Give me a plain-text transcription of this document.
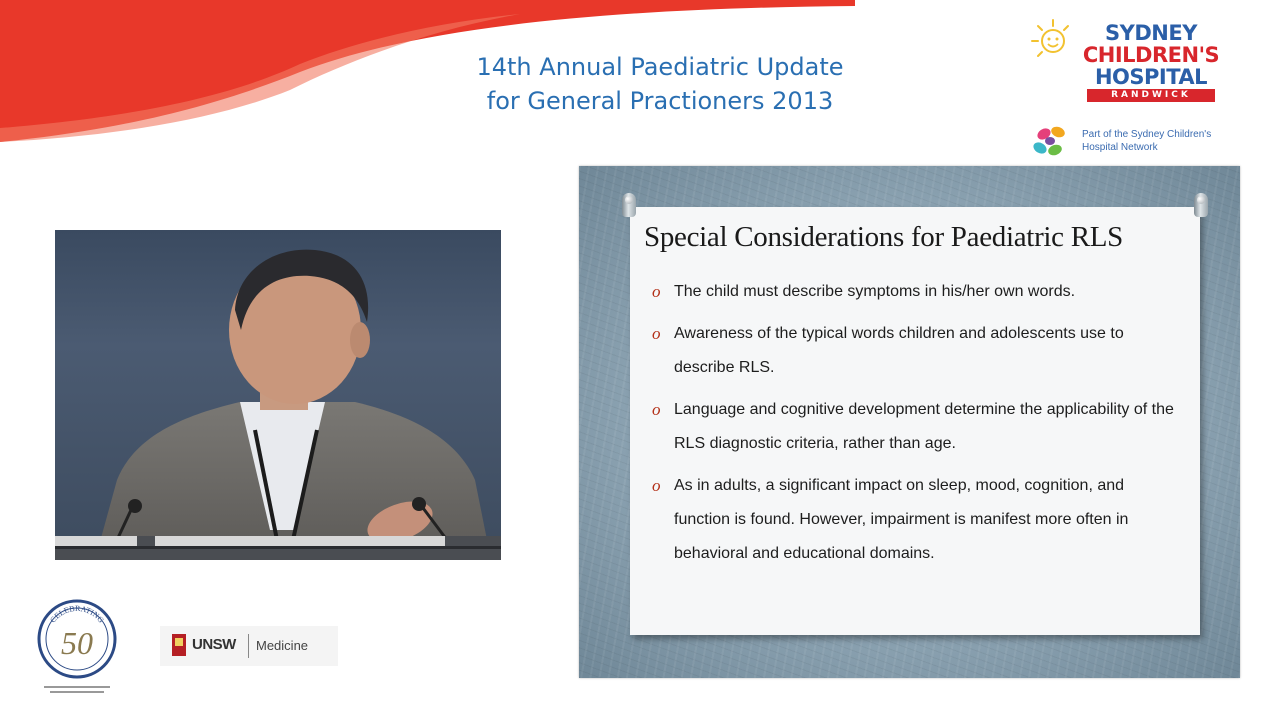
14th Annual Paediatric Update
for General Practioners 2013
SYDNEY
CHILDREN'S
HOSPITAL
RANDWICK
Part of the Sydney Children's
Hospital Network
CELEBRATING
50	UNSW Medicine
Special Considerations for Paediatric RLS
o The child must describe symptoms in his/her own words.
o Awareness of the typical words children and adolescents use to describe RLS.
o Language and cognitive development determine the applicability of the RLS diagnostic criteria, rather than age.
o As in adults, a significant impact on sleep, mood, cognition, and function is found. However, impairment is manifest more often in behavioral and educational domains.
